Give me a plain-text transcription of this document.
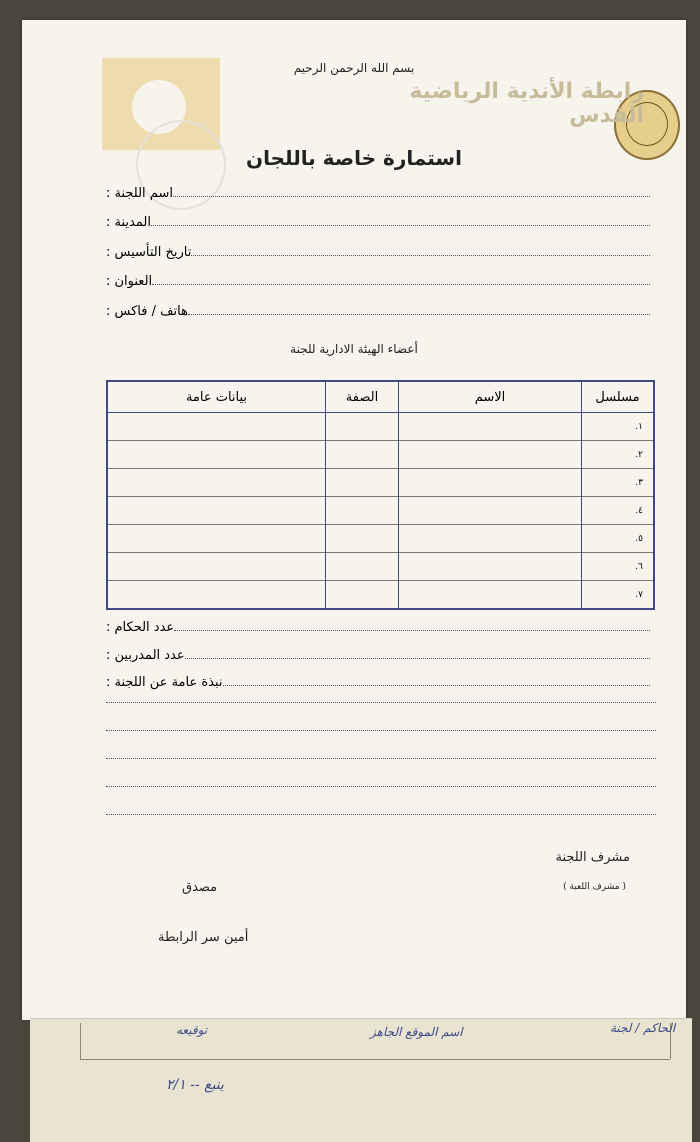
بسم الله الرحمن الرحيم
رابطة الأندية الرياضية
القدس
استمارة خاصة باللجان
اسم اللجنة :
المدينة :
تاريخ التأسيس :
العنوان :
هاتف / فاكس :
أعضاء الهيئة الادارية للجنة
مسلسل	الاسم	الصفة	بيانات عامة
١.			
٢.			
٣.			
٤.			
٥.			
٦.			
٧.			
عدد الحكام :
عدد المدربين :
نبذة عامة عن اللجنة :
مشرف اللجنة
( مشرف اللعبة )
مصدق
أمين سر الرابطة
الحاكم / لجنة
اسم الموقع الجاهز
توقيعه
ينبع -- ٢/١
